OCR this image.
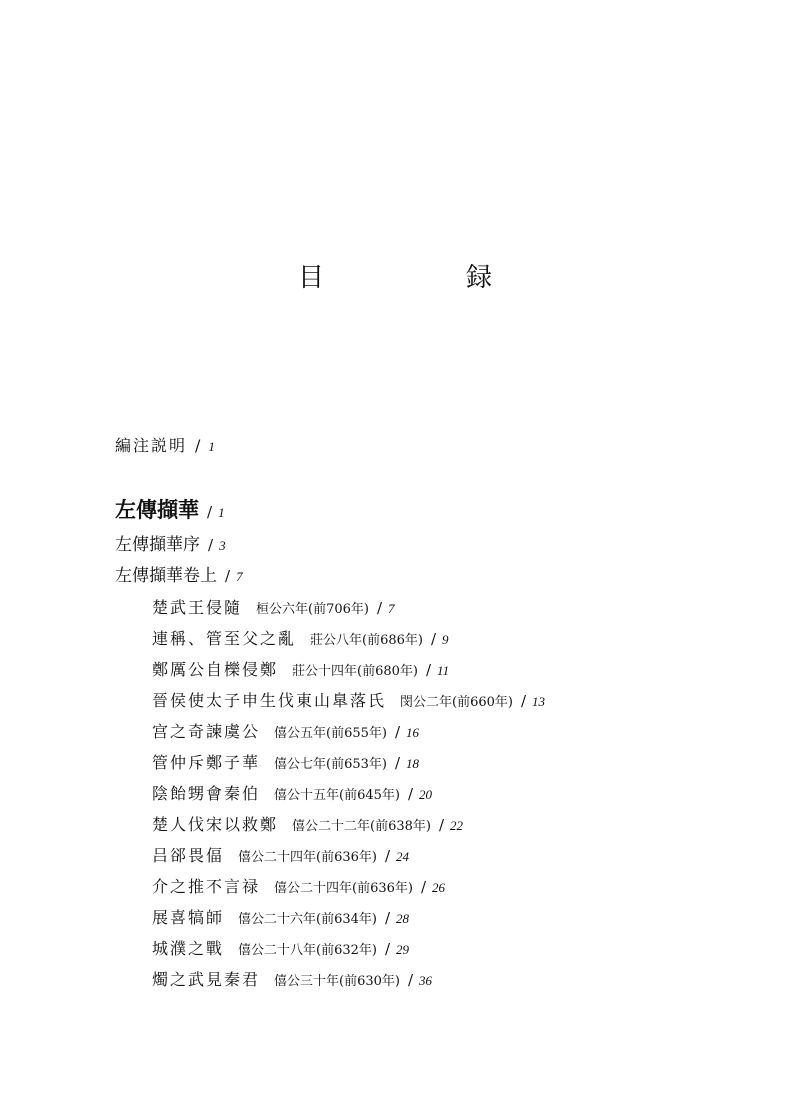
目　録
編注説明 / 1
左傳擷華 / 1
左傳擷華序 / 3
左傳擷華卷上 / 7
楚武王侵隨 桓公六年(前706年) / 7
連稱、管至父之亂 莊公八年(前686年) / 9
鄭厲公自櫟侵鄭 莊公十四年(前680年) / 11
晉侯使太子申生伐東山臯落氏 閔公二年(前660年) / 13
宫之奇諫虞公 僖公五年(前655年) / 16
管仲斥鄭子華 僖公七年(前653年) / 18
陰飴甥會秦伯 僖公十五年(前645年) / 20
楚人伐宋以救鄭 僖公二十二年(前638年) / 22
吕郤畏偪 僖公二十四年(前636年) / 24
介之推不言禄 僖公二十四年(前636年) / 26
展喜犒師 僖公二十六年(前634年) / 28
城濮之戰 僖公二十八年(前632年) / 29
燭之武見秦君 僖公三十年(前630年) / 36
